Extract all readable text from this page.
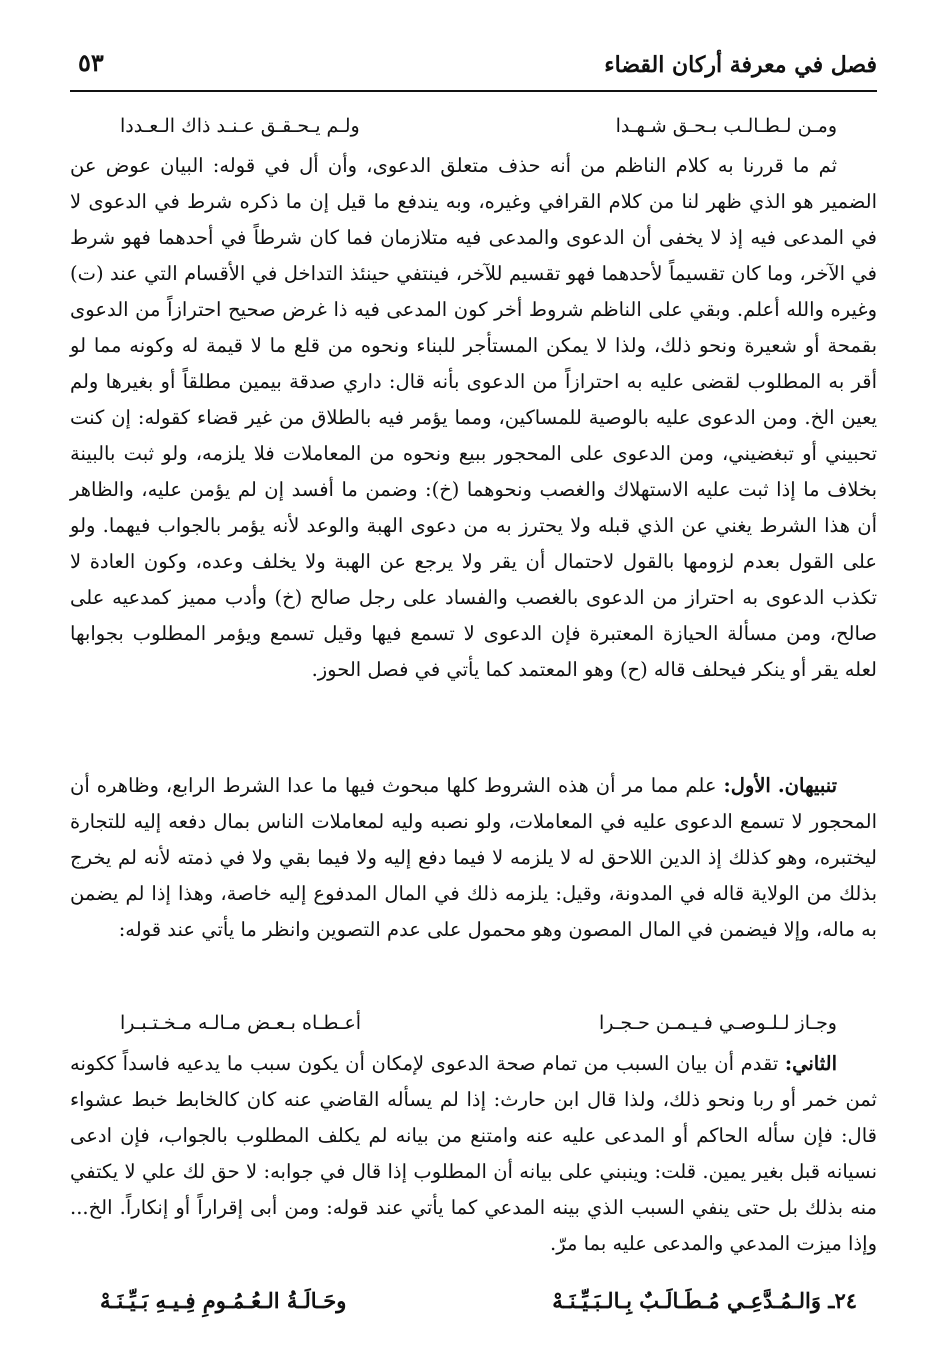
فصل في معرفة أركان القضاء
٥٣
ومـن لـطـالـب بـحـق شـهـدا
ولـم يـحـقـق عـنـد ذاك الـعـددا

ثم ما قررنا به كلام الناظم من أنه حذف متعلق الدعوى، وأن أل في قوله: البيان عوض عن الضمير هو الذي ظهر لنا من كلام القرافي وغيره، وبه يندفع ما قيل إن ما ذكره شرط في الدعوى لا في المدعى فيه إذ لا يخفى أن الدعوى والمدعى فيه متلازمان فما كان شرطاً في أحدهما فهو شرط في الآخر، وما كان تقسيماً لأحدهما فهو تقسيم للآخر، فينتفي حينئذ التداخل في الأقسام التي عند (ت) وغيره والله أعلم. وبقي على الناظم شروط أخر كون المدعى فيه ذا غرض صحيح احترازاً من الدعوى بقمحة أو شعيرة ونحو ذلك، ولذا لا يمكن المستأجر للبناء ونحوه من قلع ما لا قيمة له وكونه مما لو أقر به المطلوب لقضى عليه به احترازاً من الدعوى بأنه قال: داري صدقة بيمين مطلقاً أو بغيرها ولم يعين الخ. ومن الدعوى عليه بالوصية للمساكين، ومما يؤمر فيه بالطلاق من غير قضاء كقوله: إن كنت تحبيني أو تبغضيني، ومن الدعوى على المحجور ببيع ونحوه من المعاملات فلا يلزمه، ولو ثبت بالبينة بخلاف ما إذا ثبت عليه الاستهلاك والغصب ونحوهما (خ): وضمن ما أفسد إن لم يؤمن عليه، والظاهر أن هذا الشرط يغني عن الذي قبله ولا يحترز به من دعوى الهبة والوعد لأنه يؤمر بالجواب فيهما. ولو على القول بعدم لزومها بالقول لاحتمال أن يقر ولا يرجع عن الهبة ولا يخلف وعده، وكون العادة لا تكذب الدعوى به احتراز من الدعوى بالغصب والفساد على رجل صالح (خ) وأدب مميز كمدعيه على صالح، ومن مسألة الحيازة المعتبرة فإن الدعوى لا تسمع فيها وقيل تسمع ويؤمر المطلوب بجوابها لعله يقر أو ينكر فيحلف قاله (ح) وهو المعتمد كما يأتي في فصل الحوز.

تنبيهان. الأول: علم مما مر أن هذه الشروط كلها مبحوث فيها ما عدا الشرط الرابع، وظاهره أن المحجور لا تسمع الدعوى عليه في المعاملات، ولو نصبه وليه لمعاملات الناس بمال دفعه إليه للتجارة ليختبره، وهو كذلك إذ الدين اللاحق له لا يلزمه لا فيما دفع إليه ولا فيما بقي ولا في ذمته لأنه لم يخرج بذلك من الولاية قاله في المدونة، وقيل: يلزمه ذلك في المال المدفوع إليه خاصة، وهذا إذا لم يضمن به ماله، وإلا فيضمن في المال المصون وهو محمول على عدم التصوين وانظر ما يأتي عند قوله:

وجـاز لـلـوصـي فـيـمـن حـجـرا
أعـطـاه بـعـض مـالـه مـخـتـبـرا

الثاني: تقدم أن بيان السبب من تمام صحة الدعوى لإمكان أن يكون سبب ما يدعيه فاسداً ككونه ثمن خمر أو ربا ونحو ذلك، ولذا قال ابن حارث: إذا لم يسأله القاضي عنه كان كالخابط خبط عشواء قال: فإن سأله الحاكم أو المدعى عليه عنه وامتنع من بيانه لم يكلف المطلوب بالجواب، فإن ادعى نسيانه قبل بغير يمين. قلت: وينبني على بيانه أن المطلوب إذا قال في جوابه: لا حق لك علي لا يكتفي منه بذلك بل حتى ينفي السبب الذي بينه المدعي كما يأتي عند قوله: ومن أبى إقراراً أو إنكاراً. الخ... وإذا ميزت المدعي والمدعى عليه بما مرّ.

٢٤ـ وَالـمُـدَّعِـي مُـطَـالَـبٌ بِـالـبَـيِّـنَـهْ
وحَـالَـةُ الـعُـمُـومِ فِـيـهِ بَـيِّـنَـهْ
